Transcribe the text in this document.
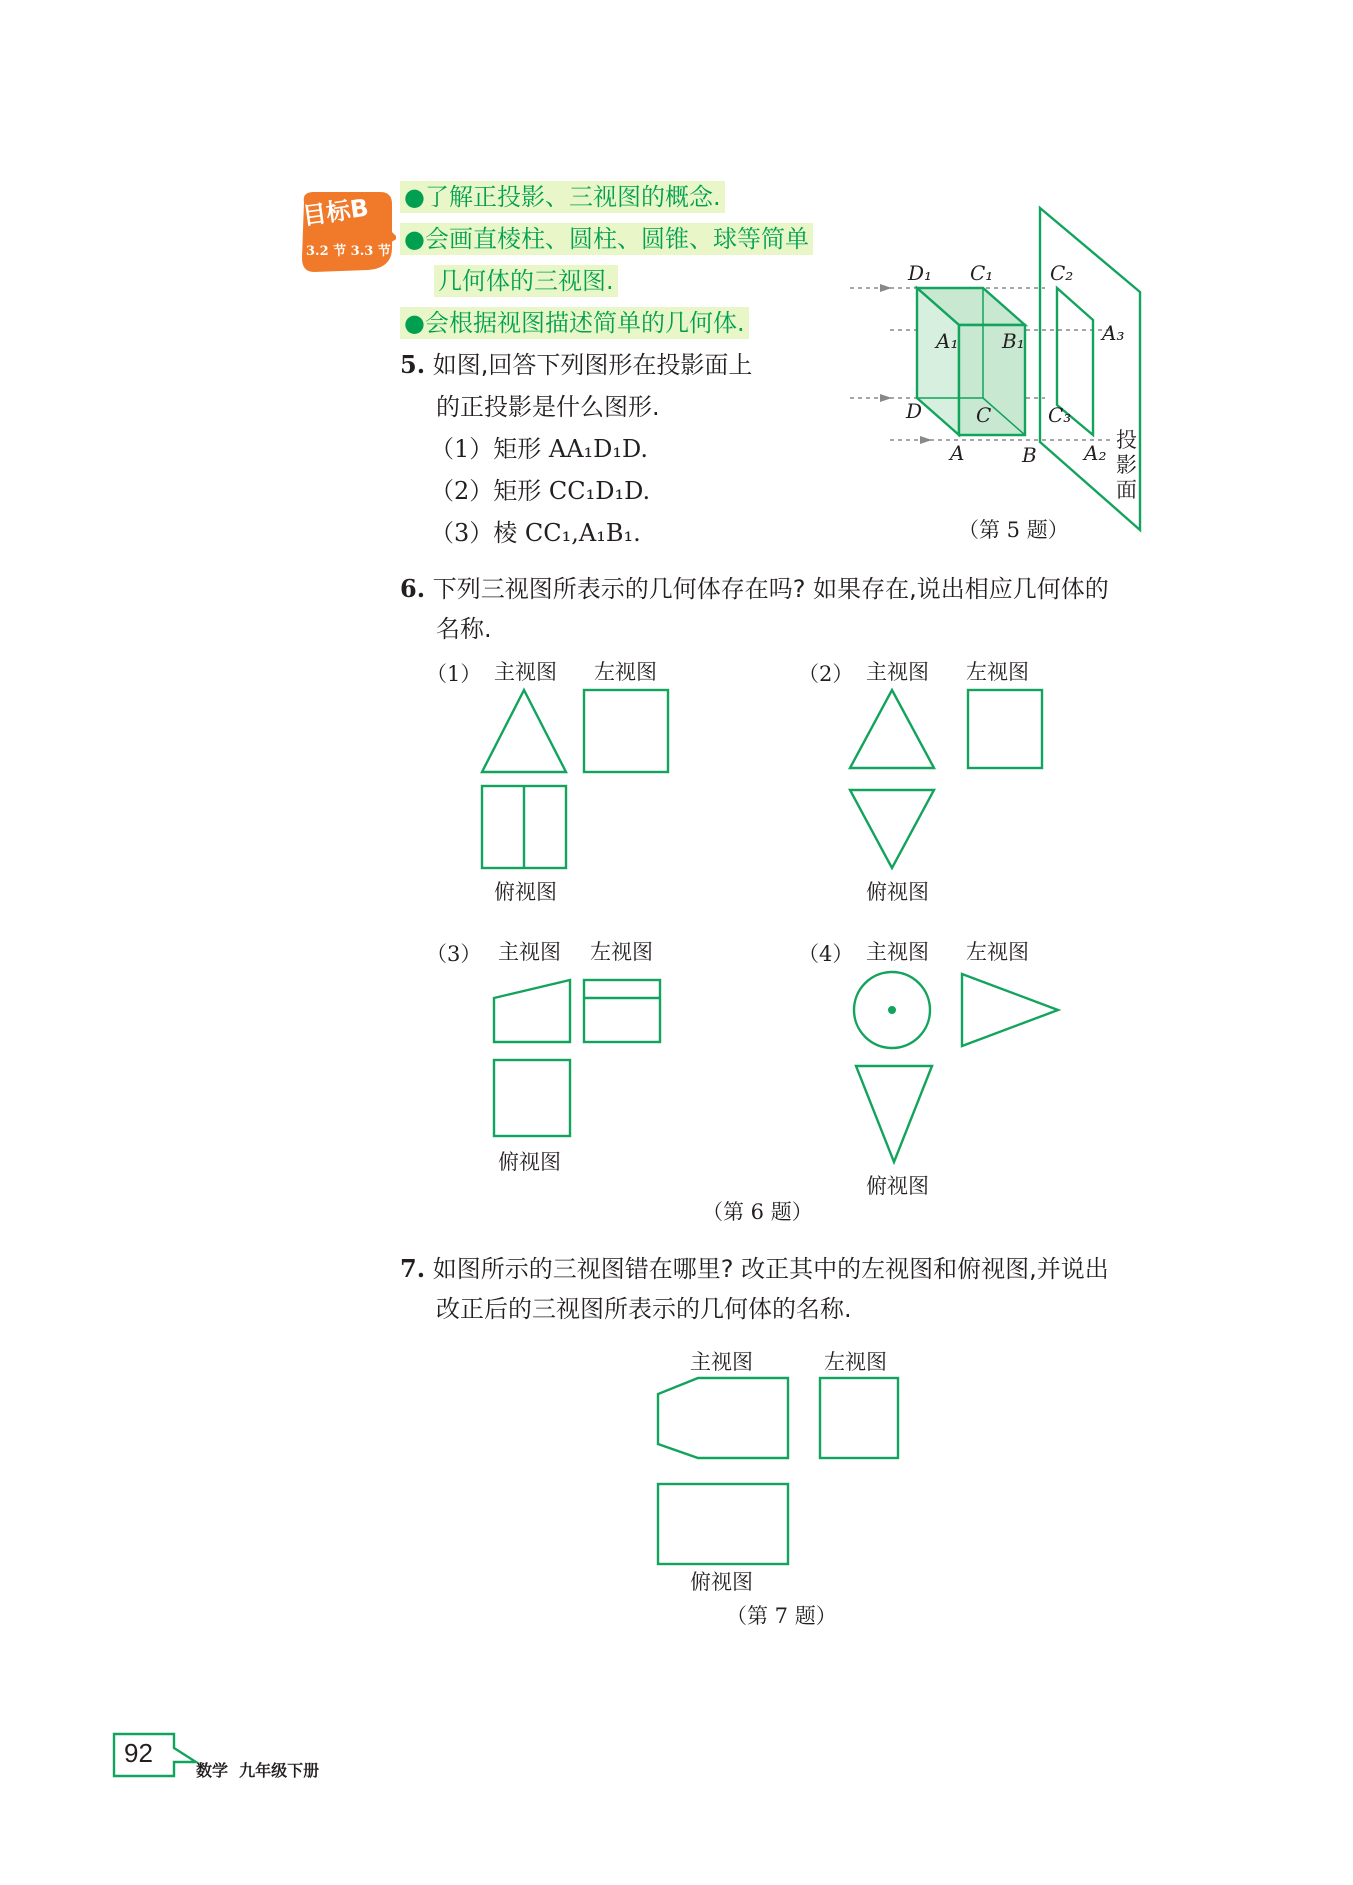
目标B
3.2 节 3.3 节
●了解正投影、三视图的概念.
●会画直棱柱、圆柱、圆锥、球等简单
几何体的三视图.
●会根据视图描述简单的几何体.
5. 如图,回答下列图形在投影面上
的正投影是什么图形.
（1）矩形 AA₁D₁D.
（2）矩形 CC₁D₁D.
（3）棱 CC₁,A₁B₁.
D₁ C₁	C₂
A₁ B₁	A₃
D	C	C₃
A	B A₂
投影面
（第 5 题）
6. 下列三视图所表示的几何体存在吗? 如果存在,说出相应几何体的
名称.
（1） 主视图 左视图
俯视图
（2） 主视图 左视图
俯视图
（3） 主视图 左视图
俯视图
（4） 主视图 左视图
俯视图
（第 6 题）
7. 如图所示的三视图错在哪里? 改正其中的左视图和俯视图,并说出
改正后的三视图所表示的几何体的名称.
主视图	左视图
俯视图
（第 7 题）
92
数学  九年级下册
